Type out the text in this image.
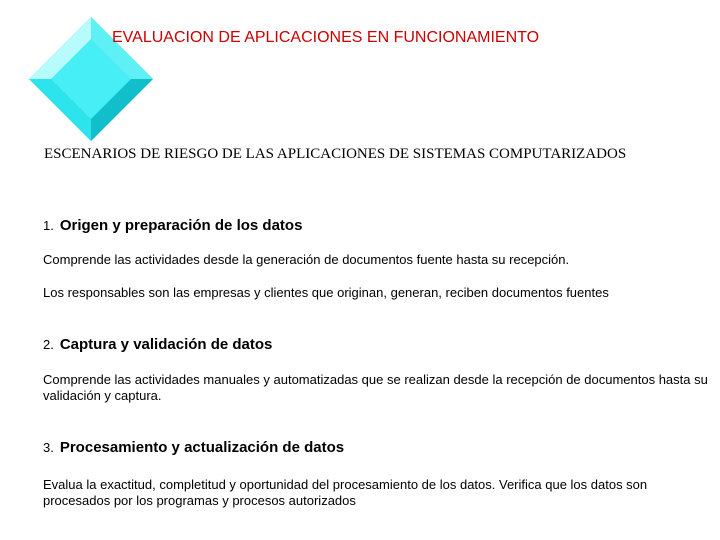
EVALUACION DE APLICACIONES EN FUNCIONAMIENTO
ESCENARIOS DE RIESGO DE LAS APLICACIONES DE SISTEMAS COMPUTARIZADOS
1. Origen y preparación de los datos
Comprende las actividades desde la generación de documentos fuente hasta su recepción.
Los responsables son las empresas y clientes que originan, generan, reciben documentos fuentes
2. Captura y validación de datos
Comprende las actividades manuales y automatizadas que se realizan desde la recepción de documentos hasta su validación y captura.
3. Procesamiento y actualización de datos
Evalua la exactitud, completitud y oportunidad del procesamiento de los datos. Verifica que los datos son procesados por los programas y procesos autorizados
